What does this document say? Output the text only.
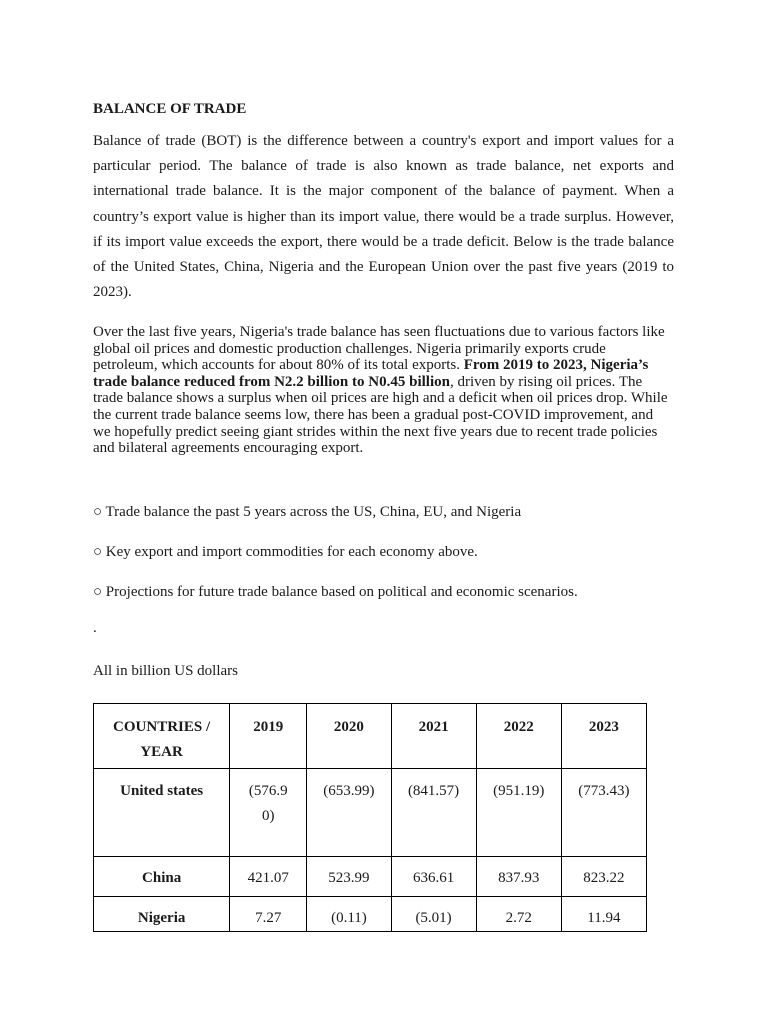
BALANCE OF TRADE

Balance of trade (BOT) is the difference between a country's export and import values for a particular period. The balance of trade is also known as trade balance, net exports and international trade balance. It is the major component of the balance of payment. When a country’s export value is higher than its import value, there would be a trade surplus. However, if its import value exceeds the export, there would be a trade deficit. Below is the trade balance of the United States, China, Nigeria and the European Union over the past five years (2019 to 2023).

Over the last five years, Nigeria's trade balance has seen fluctuations due to various factors like global oil prices and domestic production challenges. Nigeria primarily exports crude petroleum, which accounts for about 80% of its total exports. From 2019 to 2023, Nigeria’s trade balance reduced from N2.2 billion to N0.45 billion, driven by rising oil prices. The trade balance shows a surplus when oil prices are high and a deficit when oil prices drop. While the current trade balance seems low, there has been a gradual post-COVID improvement, and we hopefully predict seeing giant strides within the next five years due to recent trade policies and bilateral agreements encouraging export.

○ Trade balance the past 5 years across the US, China, EU, and Nigeria

○ Key export and import commodities for each economy above.

○ Projections for future trade balance based on political and economic scenarios.

.
All in billion US dollars
COUNTRIES / YEAR	2019	2020	2021	2022	2023
United states	(576.90)	(653.99)	(841.57)	(951.19)	(773.43)
China	421.07	523.99	636.61	837.93	823.22
Nigeria	7.27	(0.11)	(5.01)	2.72	11.94
